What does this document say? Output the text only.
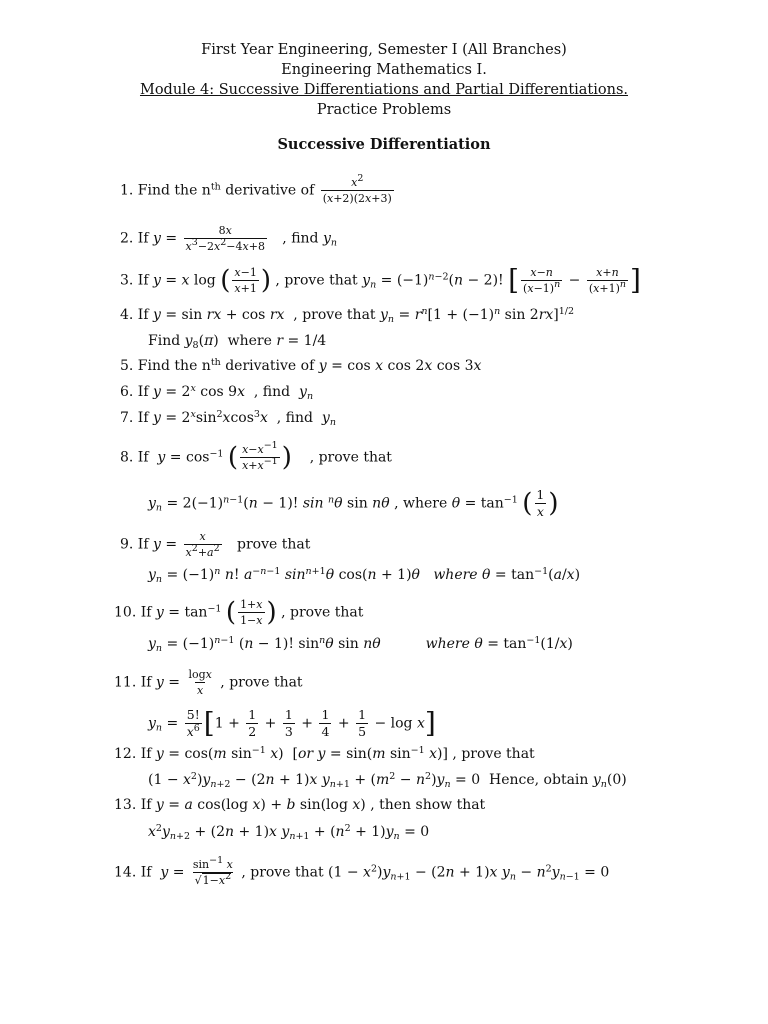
First Year Engineering, Semester I (All Branches)
Engineering Mathematics I.
Module 4: Successive Differentiations and Partial Differentiations.
Practice Problems
Successive Differentiation
1. Find the $n^{th}$ derivative of $\frac{x^2}{(x+2)(2x+3)}$
2. If $y = \frac{8x}{x^3-2x^2-4x+8}$ , find $y_n$
3. If y = x log ( $\frac{x-1}{x+1}$ ) , prove that $y_n = (-1)^{n-2}(n - 2)$! [ $\frac{x-n}{(x-1)^n} - \frac{x+n}{(x+1)^n}$ ]
4. If y = sin rx + cos rx  , prove that $y_n = r^n[1 + (-1)^n$ sin 2rx]$^{1/2}$
Find $y_8(\pi)$  where r = 1/4
5. Find the $n^{th}$ derivative of y = cos x cos 2x cos 3x
6. If $y = 2^x$ cos 9x  , find  $y_n$
7. If $y = 2^x\sin^2xcos^3x$  , find  $y_n$
8. If  $y = \cos^{-1}$ ( $\frac{x-x^{-1}}{x+x^{-1}}$ )    , prove that
$y_n = 2(-1)^{n-1}(n - 1)$! sin $^n$θ sin nθ , where $\theta = \tan^{-1}$ ( $\frac{1}{x}$ )
9. If $y = \frac{x}{x^2+a^2}$ prove that
$y_n = (-1)^n$ n! $a^{-n-1}$ $\sin^{n+1}\theta$ cos(n + 1)θ where $\theta = \tan^{-1}(a/x)$
10. If $y = \tan^{-1}$ ( $\frac{1+x}{1-x}$ ) , prove that
$y_n = (-1)^{n-1}$ (n − 1)! $\sin^n\theta$ sin nθ	where $\theta = \tan^{-1}(1/x)$
11. If $y = \frac{\log x}{x}$ , prove that
$y_n = \frac{5!}{x^6} [1 + \frac{1}{2} + \frac{1}{3} + \frac{1}{4} + \frac{1}{5} - \log x]$
12. If y = cos(m $\sin^{-1} x$)  [or y = sin(m $\sin^{-1} x$)] , prove that
$(1 - x^2)y_{n+2} - (2n + 1)x$ $y_{n+1} + (m^2 - n^2)y_n = 0$  Hence, obtain $y_n(0)$
13. If y = a cos(log x) + b sin(log x) , then show that
$x^2y_{n+2} + (2n + 1)x$ $y_{n+1} + (n^2 + 1)y_n = 0$
14. If  $y = \frac{\sin^{-1} x}{√1-x^2}$ , prove that $(1 - x^2)y_{n+1} - (2n + 1)x$ $y_n - n^2y_{n-1} = 0$
